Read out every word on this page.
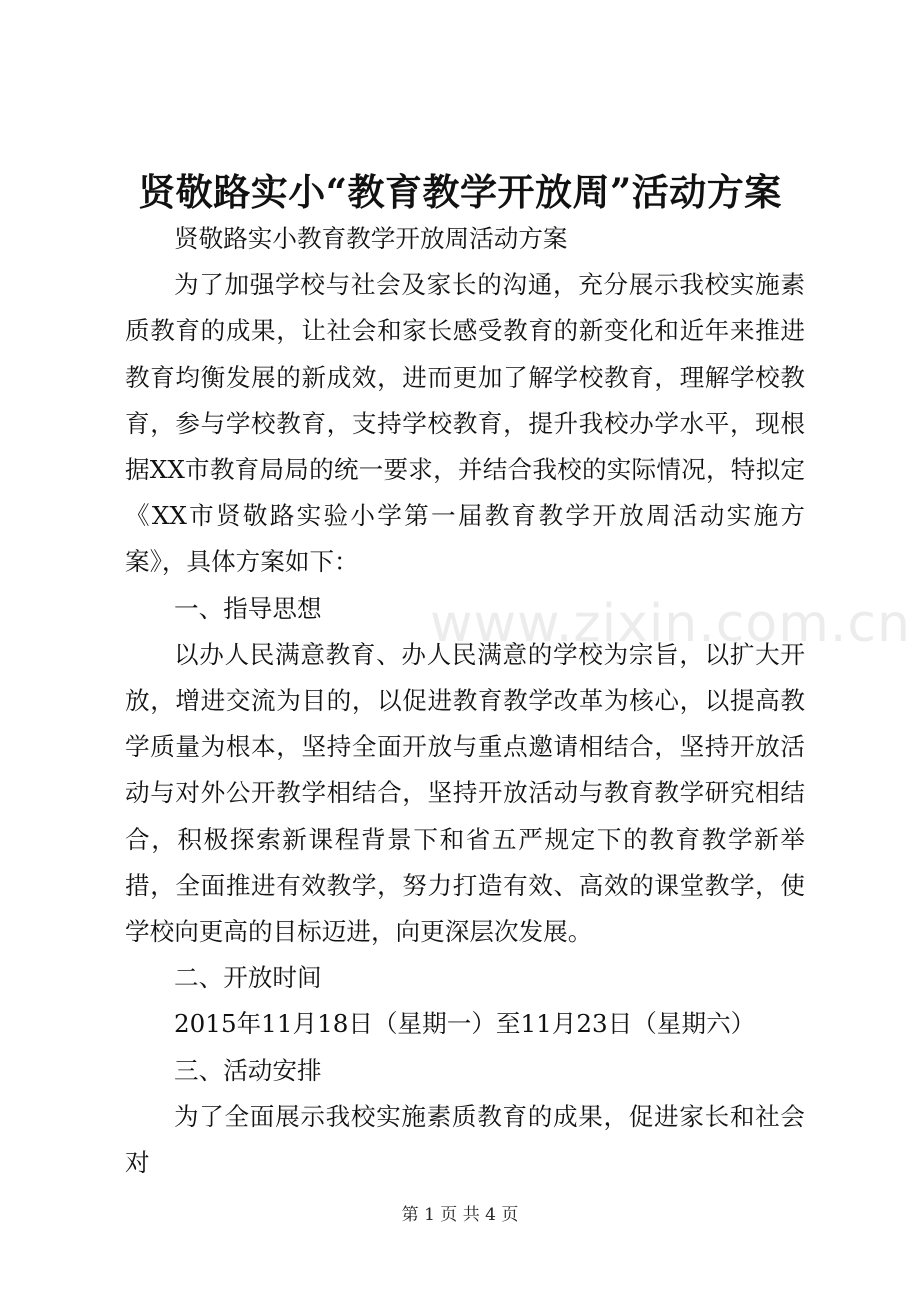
贤敬路实小“教育教学开放周”活动方案

贤敬路实小教育教学开放周活动方案

为了加强学校与社会及家长的沟通，充分展示我校实施素质教育的成果，让社会和家长感受教育的新变化和近年来推进教育均衡发展的新成效，进而更加了解学校教育，理解学校教育，参与学校教育，支持学校教育，提升我校办学水平，现根据XX市教育局局的统一要求，并结合我校的实际情况，特拟定《XX市贤敬路实验小学第一届教育教学开放周活动实施方案》，具体方案如下：

一、指导思想

以办人民满意教育、办人民满意的学校为宗旨，以扩大开放，增进交流为目的，以促进教育教学改革为核心，以提高教学质量为根本，坚持全面开放与重点邀请相结合，坚持开放活动与对外公开教学相结合，坚持开放活动与教育教学研究相结合，积极探索新课程背景下和省五严规定下的教育教学新举措，全面推进有效教学，努力打造有效、高效的课堂教学，使学校向更高的目标迈进，向更深层次发展。

二、开放时间

2015年11月18日（星期一）至11月23日（星期六）

三、活动安排

为了全面展示我校实施素质教育的成果，促进家长和社会对

www.zixin.com.cn
第 1 页 共 4 页
